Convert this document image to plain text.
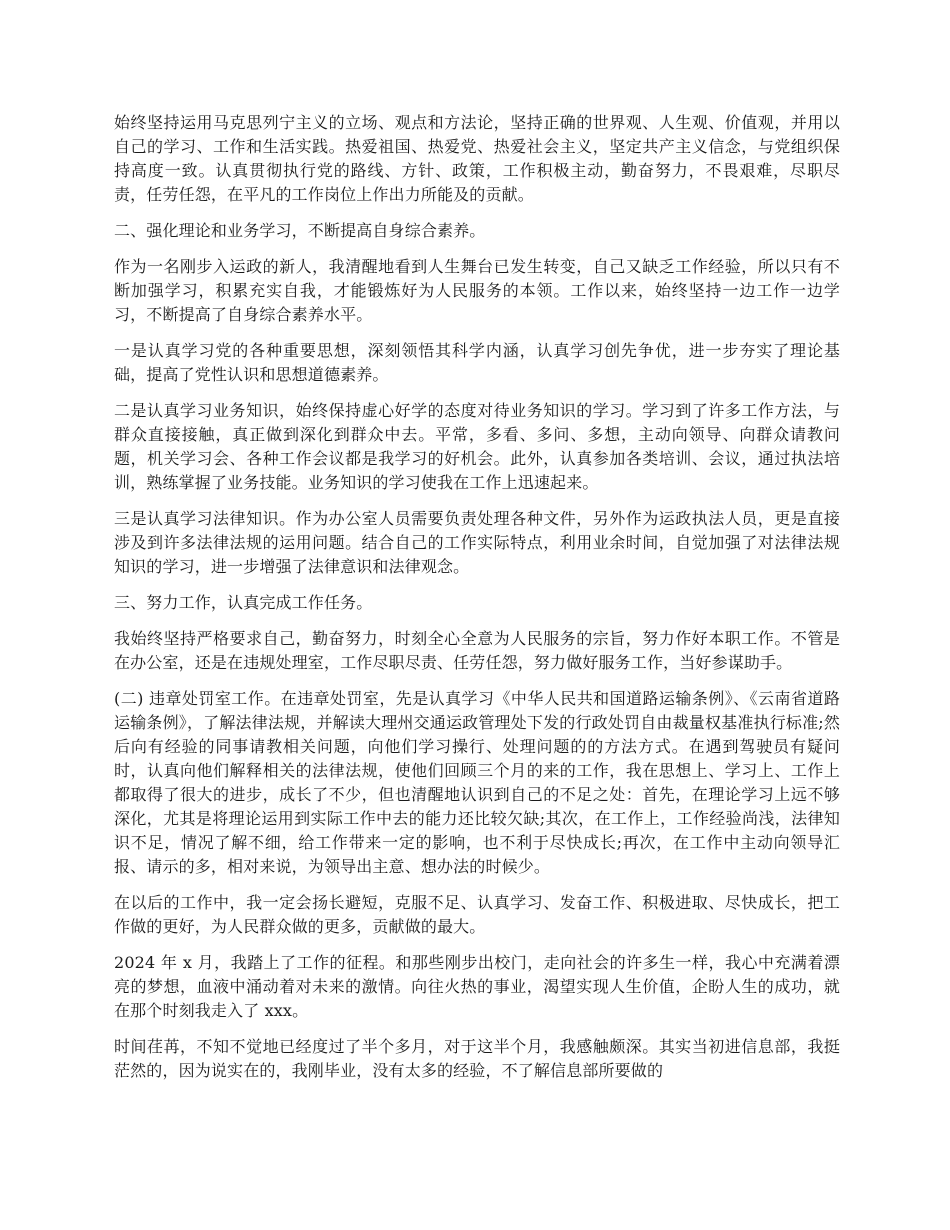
始终坚持运用马克思列宁主义的立场、观点和方法论，坚持正确的世界观、人生观、价值观，并用以自己的学习、工作和生活实践。热爱祖国、热爱党、热爱社会主义，坚定共产主义信念，与党组织保持高度一致。认真贯彻执行党的路线、方针、政策，工作积极主动，勤奋努力，不畏艰难，尽职尽责，任劳任怨，在平凡的工作岗位上作出力所能及的贡献。

二、强化理论和业务学习，不断提高自身综合素养。

作为一名刚步入运政的新人，我清醒地看到人生舞台已发生转变，自己又缺乏工作经验，所以只有不断加强学习，积累充实自我，才能锻炼好为人民服务的本领。工作以来，始终坚持一边工作一边学习，不断提高了自身综合素养水平。

一是认真学习党的各种重要思想，深刻领悟其科学内涵，认真学习创先争优，进一步夯实了理论基础，提高了党性认识和思想道德素养。

二是认真学习业务知识，始终保持虚心好学的态度对待业务知识的学习。学习到了许多工作方法，与群众直接接触，真正做到深化到群众中去。平常，多看、多问、多想，主动向领导、向群众请教问题，机关学习会、各种工作会议都是我学习的好机会。此外，认真参加各类培训、会议，通过执法培训，熟练掌握了业务技能。业务知识的学习使我在工作上迅速起来。

三是认真学习法律知识。作为办公室人员需要负责处理各种文件，另外作为运政执法人员，更是直接涉及到许多法律法规的运用问题。结合自己的工作实际特点，利用业余时间，自觉加强了对法律法规知识的学习，进一步增强了法律意识和法律观念。

三、努力工作，认真完成工作任务。

我始终坚持严格要求自己，勤奋努力，时刻全心全意为人民服务的宗旨，努力作好本职工作。不管是在办公室，还是在违规处理室，工作尽职尽责、任劳任怨，努力做好服务工作，当好参谋助手。

(二) 违章处罚室工作。在违章处罚室，先是认真学习《中华人民共和国道路运输条例》、《云南省道路运输条例》，了解法律法规，并解读大理州交通运政管理处下发的行政处罚自由裁量权基准执行标准;然后向有经验的同事请教相关问题，向他们学习操行、处理问题的的方法方式。在遇到驾驶员有疑问时，认真向他们解释相关的法律法规，使他们回顾三个月的来的工作，我在思想上、学习上、工作上都取得了很大的进步，成长了不少，但也清醒地认识到自己的不足之处：首先，在理论学习上远不够深化，尤其是将理论运用到实际工作中去的能力还比较欠缺;其次，在工作上，工作经验尚浅，法律知识不足，情况了解不细，给工作带来一定的影响，也不利于尽快成长;再次，在工作中主动向领导汇报、请示的多，相对来说，为领导出主意、想办法的时候少。

在以后的工作中，我一定会扬长避短，克服不足、认真学习、发奋工作、积极进取、尽快成长，把工作做的更好，为人民群众做的更多，贡献做的最大。

2024 年 x 月，我踏上了工作的征程。和那些刚步出校门，走向社会的许多生一样，我心中充满着漂亮的梦想，血液中涌动着对未来的激情。向往火热的事业，渴望实现人生价值，企盼人生的成功，就在那个时刻我走入了 xxx。

时间荏苒，不知不觉地已经度过了半个多月，对于这半个月，我感触颇深。其实当初进信息部，我挺茫然的，因为说实在的，我刚毕业，没有太多的经验，不了解信息部所要做的
